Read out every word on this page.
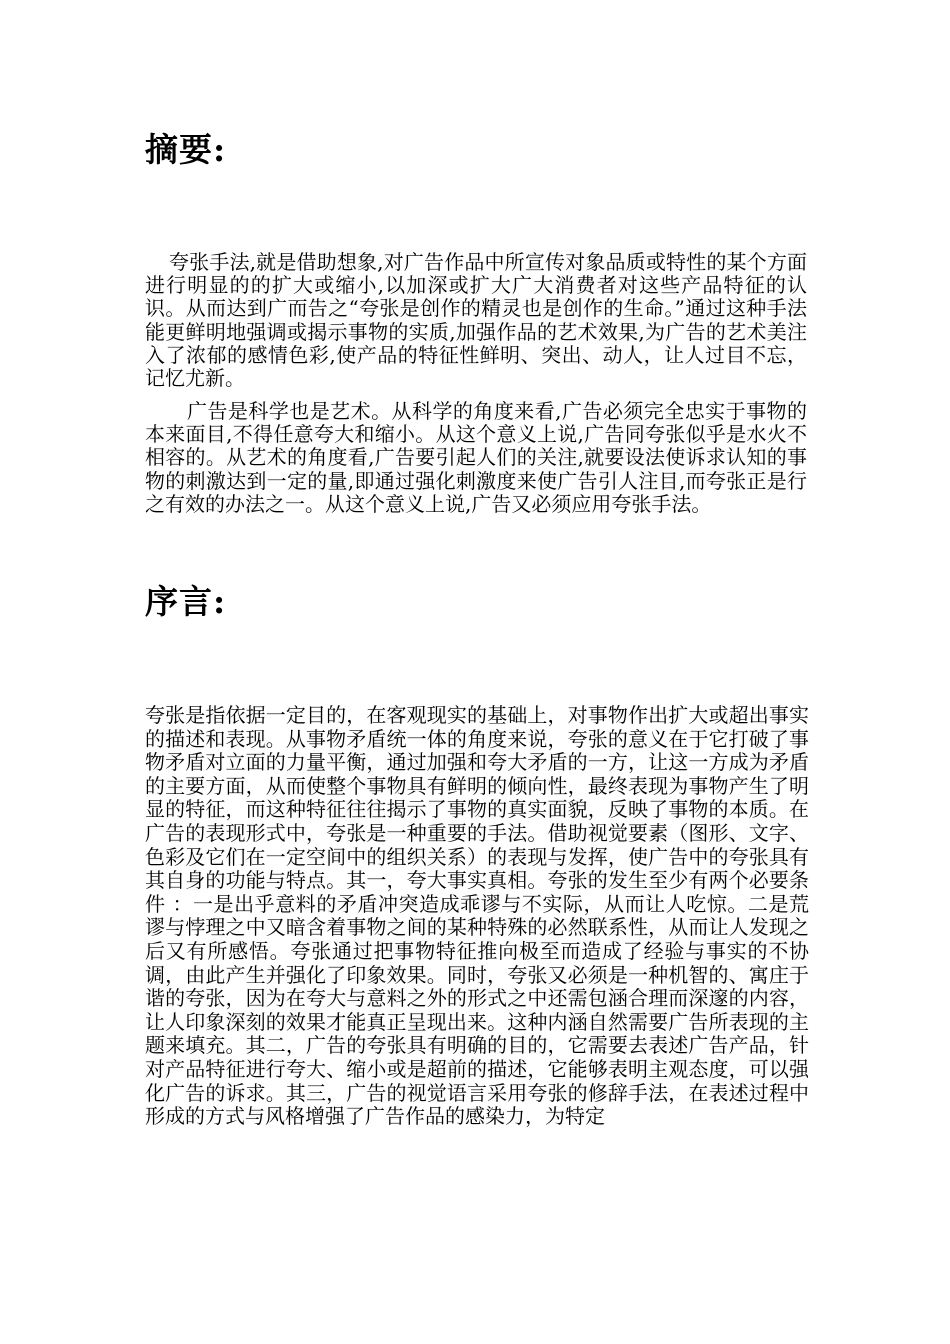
摘要:

夸张手法,就是借助想象,对广告作品中所宣传对象品质或特性的某个方面进行明显的的扩大或缩小,以加深或扩大广大消费者对这些产品特征的认识。从而达到广而告之“夸张是创作的精灵也是创作的生命。”通过这种手法能更鲜明地强调或揭示事物的实质,加强作品的艺术效果,为广告的艺术美注入了浓郁的感情色彩,使产品的特征性鲜明、突出、动人，让人过目不忘，记忆尤新。

广告是科学也是艺术。从科学的角度来看,广告必须完全忠实于事物的本来面目,不得任意夸大和缩小。从这个意义上说,广告同夸张似乎是水火不相容的。从艺术的角度看,广告要引起人们的关注,就要设法使诉求认知的事物的刺激达到一定的量,即通过强化刺激度来使广告引人注目,而夸张正是行之有效的办法之一。从这个意义上说,广告又必须应用夸张手法。

序言:

夸张是指依据一定目的，在客观现实的基础上，对事物作出扩大或超出事实的描述和表现。从事物矛盾统一体的角度来说，夸张的意义在于它打破了事物矛盾对立面的力量平衡，通过加强和夸大矛盾的一方，让这一方成为矛盾的主要方面，从而使整个事物具有鲜明的倾向性，最终表现为事物产生了明显的特征，而这种特征往往揭示了事物的真实面貌，反映了事物的本质。在广告的表现形式中，夸张是一种重要的手法。借助视觉要素（图形、文字、色彩及它们在一定空间中的组织关系）的表现与发挥，使广告中的夸张具有其自身的功能与特点。其一，夸大事实真相。夸张的发生至少有两个必要条件 ：一是出乎意料的矛盾冲突造成乖谬与不实际，从而让人吃惊。二是荒谬与悖理之中又暗含着事物之间的某种特殊的必然联系性，从而让人发现之后又有所感悟。夸张通过把事物特征推向极至而造成了经验与事实的不协调，由此产生并强化了印象效果。同时，夸张又必须是一种机智的、寓庄于谐的夸张，因为在夸大与意料之外的形式之中还需包涵合理而深邃的内容，让人印象深刻的效果才能真正呈现出来。这种内涵自然需要广告所表现的主题来填充。其二，广告的夸张具有明确的目的，它需要去表述广告产品，针对产品特征进行夸大、缩小或是超前的描述，它能够表明主观态度，可以强化广告的诉求。其三，广告的视觉语言采用夸张的修辞手法，在表述过程中形成的方式与风格增强了广告作品的感染力，为特定
